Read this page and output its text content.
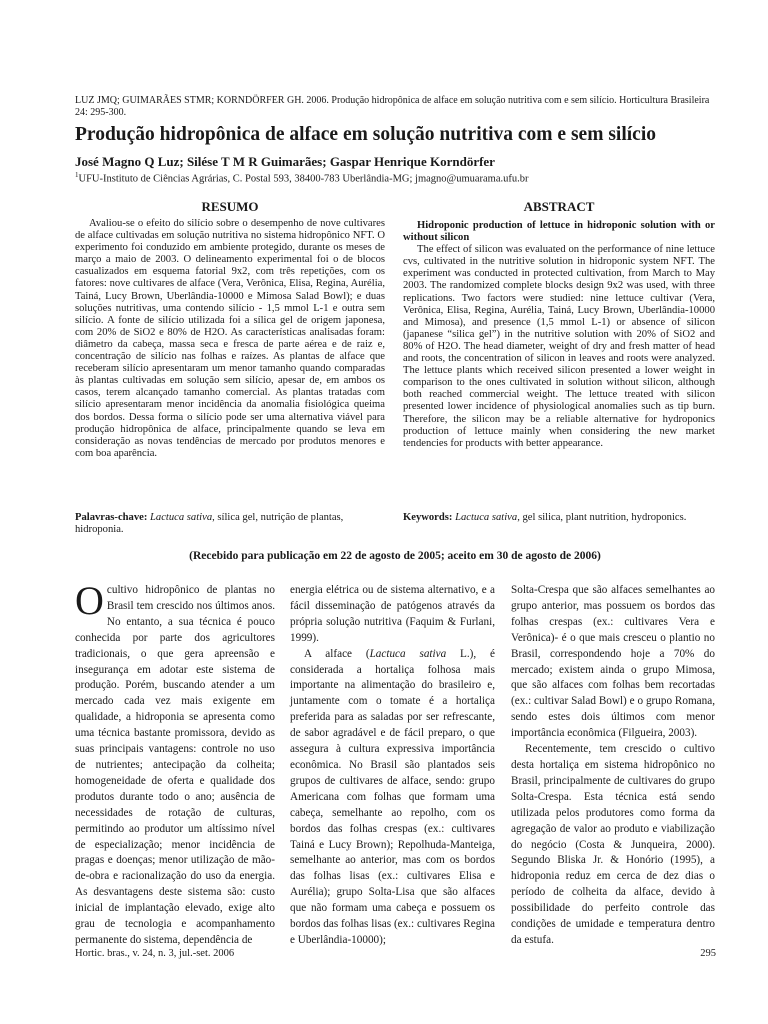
LUZ JMQ; GUIMARÃES STMR; KORNDÖRFER GH. 2006. Produção hidropônica de alface em solução nutritiva com e sem silício. Horticultura Brasileira 24: 295-300.
Produção hidropônica de alface em solução nutritiva com e sem silício
José Magno Q Luz; Silése T M R Guimarães; Gaspar Henrique Korndörfer
$^1$UFU-Instituto de Ciências Agrárias, C. Postal 593, 38400-783 Uberlândia-MG; jmagno@umuarama.ufu.br
RESUMO	ABSTRACT

Avaliou-se o efeito do silício sobre o desempenho de nove cultivares de alface cultivadas em solução nutritiva no sistema hidropônico NFT. O experimento foi conduzido em ambiente protegido, durante os meses de março a maio de 2003. O delineamento experimental foi o de blocos casualizados em esquema fatorial 9x2, com três repetições, com os fatores: nove cultivares de alface (Vera, Verônica, Elisa, Regina, Aurélia, Tainá, Lucy Brown, Uberlândia-10000 e Mimosa Salad Bowl); e duas soluções nutritivas, uma contendo silício - 1,5 mmol L-1 e outra sem silício. A fonte de silício utilizada foi a sílica gel de origem japonesa, com 20% de SiO2 e 80% de H2O. As características analisadas foram: diâmetro da cabeça, massa seca e fresca de parte aérea e de raiz e, concentração de silício nas folhas e raízes. As plantas de alface que receberam silício apresentaram um menor tamanho quando comparadas às plantas cultivadas em solução sem silício, apesar de, em ambos os casos, terem alcançado tamanho comercial. As plantas tratadas com silício apresentaram menor incidência da anomalia fisiológica queima dos bordos. Dessa forma o silício pode ser uma alternativa viável para produção hidropônica de alface, principalmente quando se leva em consideração as novas tendências de mercado por produtos menores e com boa aparência.

Hidroponic production of lettuce in hidroponic solution with or without silicon

The effect of silicon was evaluated on the performance of nine lettuce cvs, cultivated in the nutritive solution in hidroponic system NFT. The experiment was conducted in protected cultivation, from March to May 2003. The randomized complete blocks design 9x2 was used, with three replications. Two factors were studied: nine lettuce cultivar (Vera, Verônica, Elisa, Regina, Aurélia, Tainá, Lucy Brown, Uberlândia-10000 and Mimosa), and presence (1,5 mmol L-1) or absence of silicon (japanese “silica gel”) in the nutritive solution with 20% of SiO2 and 80% of H2O. The head diameter, weight of dry and fresh matter of head and roots, the concentration of silicon in leaves and roots were analyzed. The lettuce plants which received silicon presented a lower weight in comparison to the ones cultivated in solution without silicon, although both reached commercial weight. The lettuce treated with silicon presented lower incidence of physiological anomalies such as tip burn. Therefore, the silicon may be a reliable alternative for hydroponics production of lettuce mainly when considering the new market tendencies for products with better appearance.

Palavras-chave: Lactuca sativa, sílica gel, nutrição de plantas, hidroponia.
Keywords: Lactuca sativa, gel silica, plant nutrition, hydroponics.
(Recebido para publicação em 22 de agosto de 2005; aceito em 30 de agosto de 2006)
O cultivo hidropônico de plantas no Brasil tem crescido nos últimos anos. No entanto, a sua técnica é pouco conhecida por parte dos agricultores tradicionais, o que gera apreensão e insegurança em adotar este sistema de produção. Porém, buscando atender a um mercado cada vez mais exigente em qualidade, a hidroponia se apresenta como uma técnica bastante promissora, devido as suas principais vantagens: controle no uso de nutrientes; antecipação da colheita; homogeneidade de oferta e qualidade dos produtos durante todo o ano; ausência de necessidades de rotação de culturas, permitindo ao produtor um altíssimo nível de especialização; menor incidência de pragas e doenças; menor utilização de mão-de-obra e racionalização do uso da energia. As desvantagens deste sistema são: custo inicial de implantação elevado, exige alto grau de tecnologia e acompanhamento permanente do sistema, dependência de

energia elétrica ou de sistema alternativo, e a fácil disseminação de patógenos através da própria solução nutritiva (Faquim & Furlani, 1999).

A alface (Lactuca sativa L.), é considerada a hortaliça folhosa mais importante na alimentação do brasileiro e, juntamente com o tomate é a hortaliça preferida para as saladas por ser refrescante, de sabor agradável e de fácil preparo, o que assegura à cultura expressiva importância econômica. No Brasil são plantados seis grupos de cultivares de alface, sendo: grupo Americana com folhas que formam uma cabeça, semelhante ao repolho, com os bordos das folhas crespas (ex.: cultivares Tainá e Lucy Brown); Repolhuda-Manteiga, semelhante ao anterior, mas com os bordos das folhas lisas (ex.: cultivares Elisa e Aurélia); grupo Solta-Lisa que são alfaces que não formam uma cabeça e possuem os bordos das folhas lisas (ex.: cultivares Regina e Uberlândia-10000);

Solta-Crespa que são alfaces semelhantes ao grupo anterior, mas possuem os bordos das folhas crespas (ex.: cultivares Vera e Verônica)- é o que mais cresceu o plantio no Brasil, correspondendo hoje a 70% do mercado; existem ainda o grupo Mimosa, que são alfaces com folhas bem recortadas (ex.: cultivar Salad Bowl) e o grupo Romana, sendo estes dois últimos com menor importância econômica (Filgueira, 2003).

Recentemente, tem crescido o cultivo desta hortaliça em sistema hidropônico no Brasil, principalmente de cultivares do grupo Solta-Crespa. Esta técnica está sendo utilizada pelos produtores como forma da agregação de valor ao produto e viabilização do negócio (Costa & Junqueira, 2000). Segundo Bliska Jr. & Honório (1995), a hidroponia reduz em cerca de dez dias o período de colheita da alface, devido à possibilidade do perfeito controle das condições de umidade e temperatura dentro da estufa.

Hortic. bras., v. 24, n. 3, jul.-set. 2006	295
